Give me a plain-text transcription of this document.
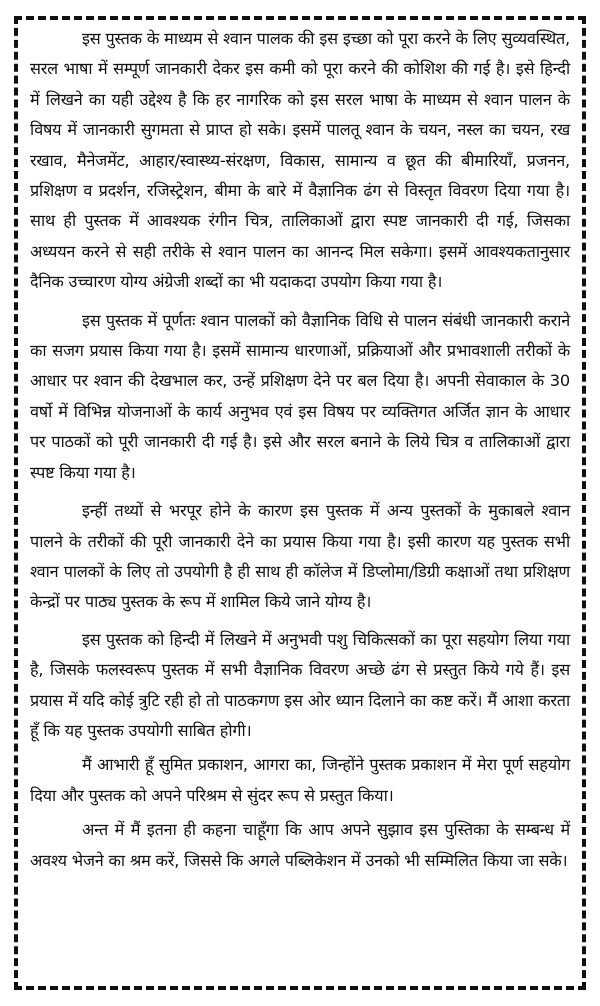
इस पुस्तक के माध्यम से श्वान पालक की इस इच्छा को पूरा करने के लिए सुव्यवस्थित, सरल भाषा में सम्पूर्ण जानकारी देकर इस कमी को पूरा करने की कोशिश की गई है। इसे हिन्दी में लिखने का यही उद्देश्य है कि हर नागरिक को इस सरल भाषा के माध्यम से श्वान पालन के विषय में जानकारी सुगमता से प्राप्त हो सके। इसमें पालतू श्वान के चयन, नस्ल का चयन, रख रखाव, मैनेजमेंट, आहार/स्वास्थ्य-संरक्षण, विकास, सामान्य व छूत की बीमारियाँ, प्रजनन, प्रशिक्षण व प्रदर्शन, रजिस्ट्रेशन, बीमा के बारे में वैज्ञानिक ढंग से विस्तृत विवरण दिया गया है। साथ ही पुस्तक में आवश्यक रंगीन चित्र, तालिकाओं द्वारा स्पष्ट जानकारी दी गई, जिसका अध्ययन करने से सही तरीके से श्वान पालन का आनन्द मिल सकेगा। इसमें आवश्यकतानुसार दैनिक उच्चारण योग्य अंग्रेजी शब्दों का भी यदाकदा उपयोग किया गया है।

इस पुस्तक में पूर्णतः श्वान पालकों को वैज्ञानिक विधि से पालन संबंधी जानकारी कराने का सजग प्रयास किया गया है। इसमें सामान्य धारणाओं, प्रक्रियाओं और प्रभावशाली तरीकों के आधार पर श्वान की देखभाल कर, उन्हें प्रशिक्षण देने पर बल दिया है। अपनी सेवाकाल के 30 वर्षो में विभिन्न योजनाओं के कार्य अनुभव एवं इस विषय पर व्यक्तिगत अर्जित ज्ञान के आधार पर पाठकों को पूरी जानकारी दी गई है। इसे और सरल बनाने के लिये चित्र व तालिकाओं द्वारा स्पष्ट किया गया है।

इन्हीं तथ्यों से भरपूर होने के कारण इस पुस्तक में अन्य पुस्तकों के मुकाबले श्वान पालने के तरीकों की पूरी जानकारी देने का प्रयास किया गया है। इसी कारण यह पुस्तक सभी श्वान पालकों के लिए तो उपयोगी है ही साथ ही कॉलेज में डिप्लोमा/डिग्री कक्षाओं तथा प्रशिक्षण केन्द्रों पर पाठ्य पुस्तक के रूप में शामिल किये जाने योग्य है।

इस पुस्तक को हिन्दी में लिखने में अनुभवी पशु चिकित्सकों का पूरा सहयोग लिया गया है, जिसके फलस्वरूप पुस्तक में सभी वैज्ञानिक विवरण अच्छे ढंग से प्रस्तुत किये गये हैं। इस प्रयास में यदि कोई त्रुटि रही हो तो पाठकगण इस ओर ध्यान दिलाने का कष्ट करें। मैं आशा करता हूँ कि यह पुस्तक उपयोगी साबित होगी।

मैं आभारी हूँ सुमित प्रकाशन, आगरा का, जिन्होंने पुस्तक प्रकाशन में मेरा पूर्ण सहयोग दिया और पुस्तक को अपने परिश्रम से सुंदर रूप से प्रस्तुत किया।

अन्त में मैं इतना ही कहना चाहूँगा कि आप अपने सुझाव इस पुस्तिका के सम्बन्ध में अवश्य भेजने का श्रम करें, जिससे कि अगले पब्लिकेशन में उनको भी सम्मिलित किया जा सके।
